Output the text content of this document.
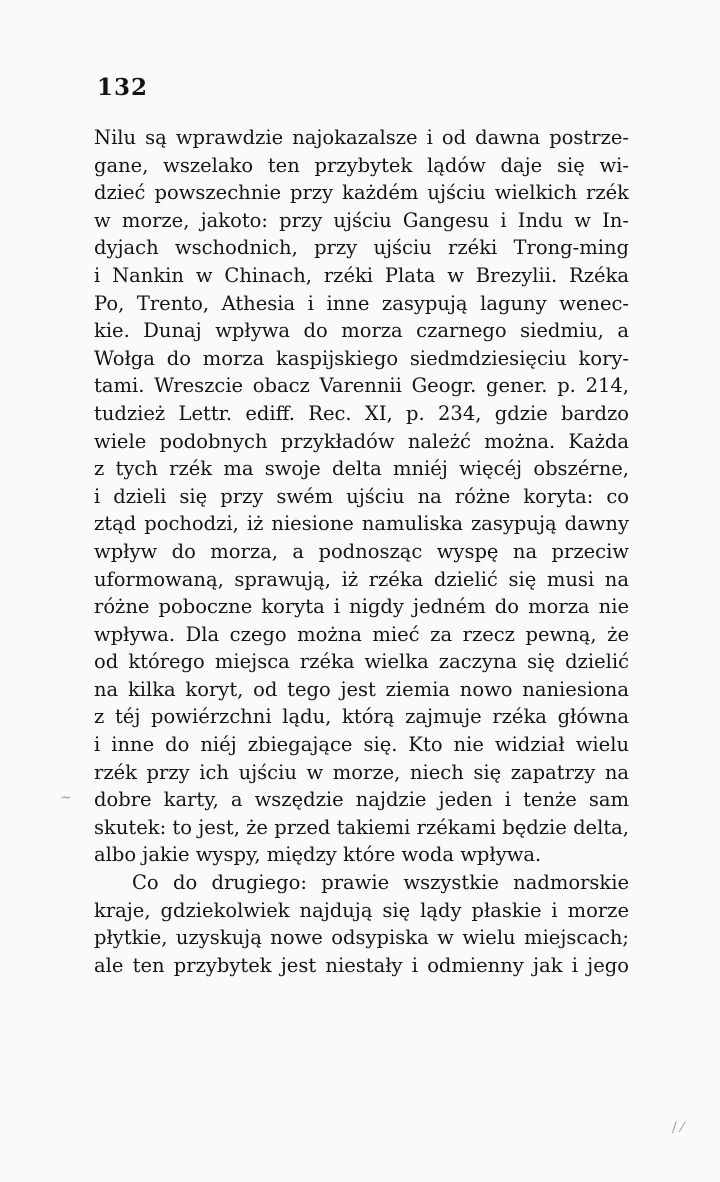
132
Nilu są wprawdzie najokazalsze i od dawna postrze-
gane, wszelako ten przybytek lądów daje się wi-
dzieć powszechnie przy każdém ujściu wielkich rzék
w morze, jakoto: przy ujściu Gangesu i Indu w In-
dyjach wschodnich, przy ujściu rzéki Trong-ming
i Nankin w Chinach, rzéki Plata w Brezylii. Rzéka
Po, Trento, Athesia i inne zasypują laguny wenec-
kie. Dunaj wpływa do morza czarnego siedmiu, a
Wołga do morza kaspijskiego siedmdziesięciu kory-
tami. Wreszcie obacz Varennii Geogr. gener. p. 214,
tudzież Lettr. ediff. Rec. XI, p. 234, gdzie bardzo
wiele podobnych przykładów należć można. Każda
z tych rzék ma swoje delta mniéj więcéj obszérne,
i dzieli się przy swém ujściu na różne koryta: co
ztąd pochodzi, iż niesione namuliska zasypują dawny
wpływ do morza, a podnosząc wyspę na przeciw
uformowaną, sprawują, iż rzéka dzielić się musi na
różne poboczne koryta i nigdy jedném do morza nie
wpływa. Dla czego można mieć za rzecz pewną, że
od którego miejsca rzéka wielka zaczyna się dzielić
na kilka koryt, od tego jest ziemia nowo naniesiona
z téj powiérzchni lądu, którą zajmuje rzéka główna
i inne do niéj zbiegające się. Kto nie widział wielu
rzék przy ich ujściu w morze, niech się zapatrzy na
dobre karty, a wszędzie najdzie jeden i tenże sam
skutek: to jest, że przed takiemi rzékami będzie delta,
albo jakie wyspy, między które woda wpływa.
Co do drugiego: prawie wszystkie nadmorskie
kraje, gdziekolwiek najdują się lądy płaskie i morze
płytkie, uzyskują nowe odsypiska w wielu miejscach;
ale ten przybytek jest niestały i odmienny jak i jego
~
/ ⁄
